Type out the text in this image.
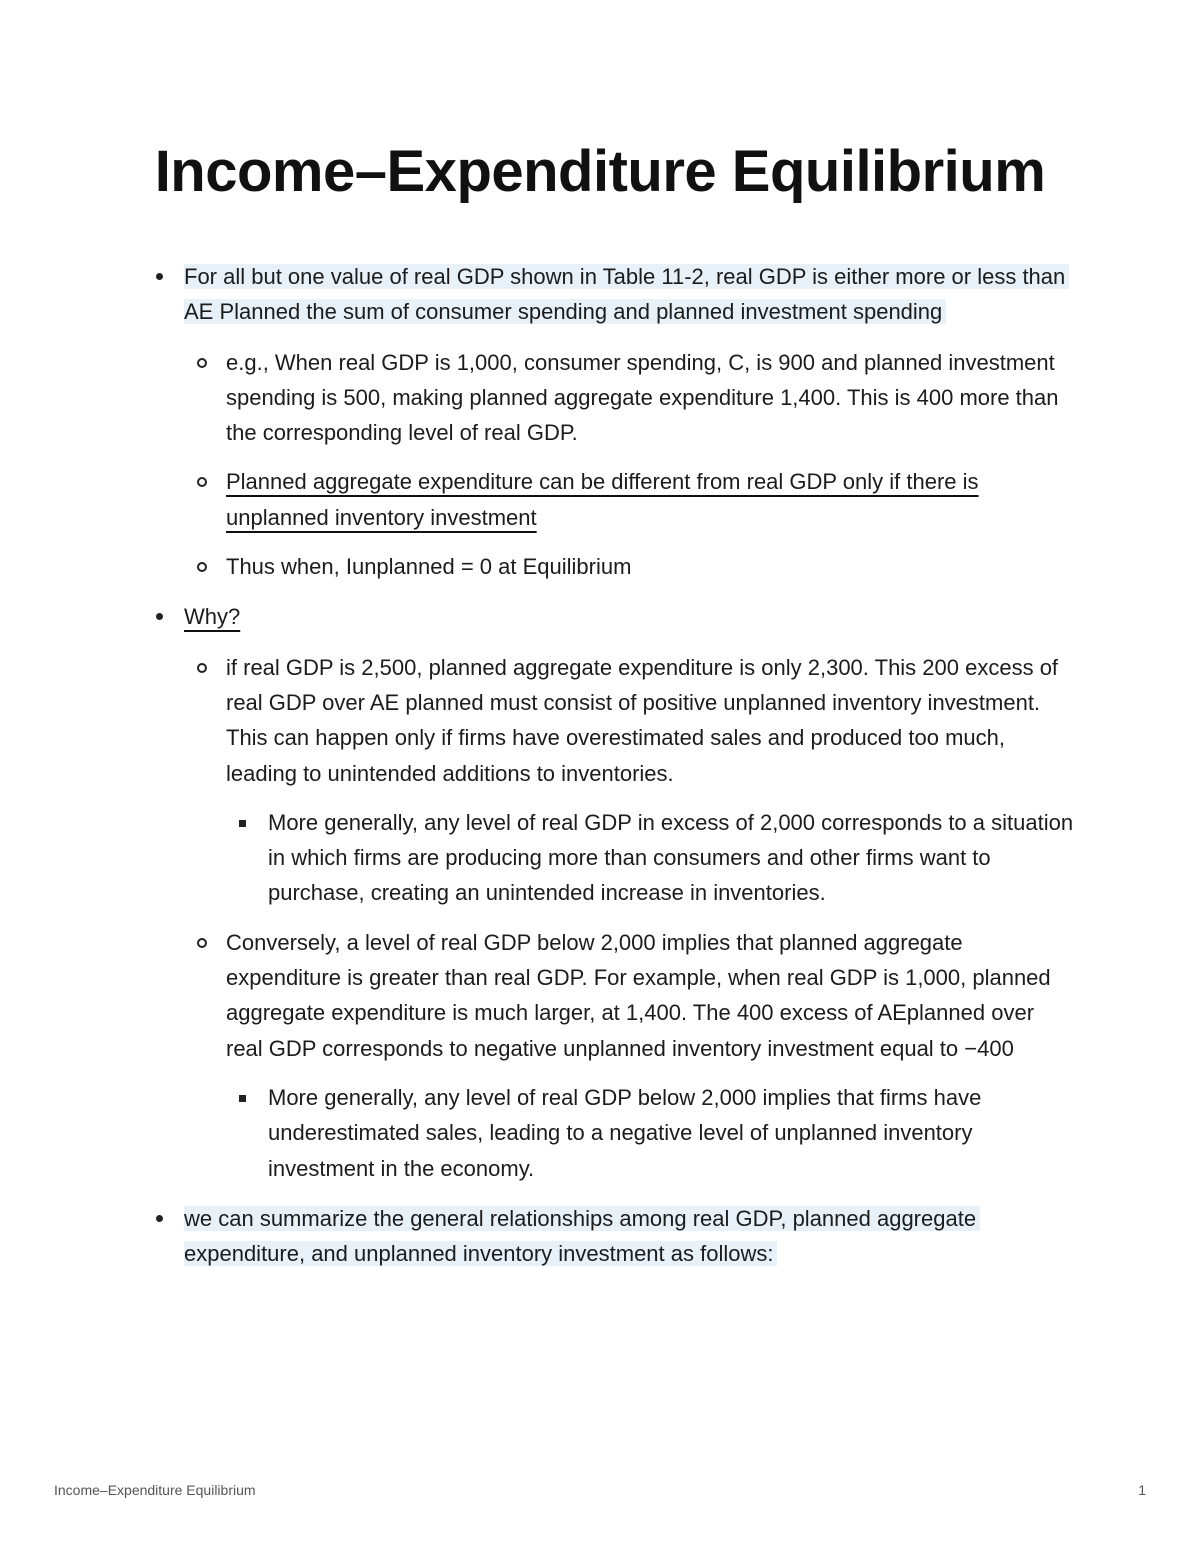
Income–Expenditure Equilibrium
For all but one value of real GDP shown in Table 11-2, real GDP is either more or less than AE Planned the sum of consumer spending and planned investment spending
e.g., When real GDP is 1,000, consumer spending, C, is 900 and planned investment spending is 500, making planned aggregate expenditure 1,400. This is 400 more than the corresponding level of real GDP.
Planned aggregate expenditure can be different from real GDP only if there is unplanned inventory investment
Thus when, Iunplanned = 0 at Equilibrium
Why?
if real GDP is 2,500, planned aggregate expenditure is only 2,300. This 200 excess of real GDP over AE planned must consist of positive unplanned inventory investment. This can happen only if firms have overestimated sales and produced too much, leading to unintended additions to inventories.
More generally, any level of real GDP in excess of 2,000 corresponds to a situation in which firms are producing more than consumers and other firms want to purchase, creating an unintended increase in inventories.
Conversely, a level of real GDP below 2,000 implies that planned aggregate expenditure is greater than real GDP. For example, when real GDP is 1,000, planned aggregate expenditure is much larger, at 1,400. The 400 excess of AEplanned over real GDP corresponds to negative unplanned inventory investment equal to −400
More generally, any level of real GDP below 2,000 implies that firms have underestimated sales, leading to a negative level of unplanned inventory investment in the economy.
we can summarize the general relationships among real GDP, planned aggregate expenditure, and unplanned inventory investment as follows:
Income–Expenditure Equilibrium	1
